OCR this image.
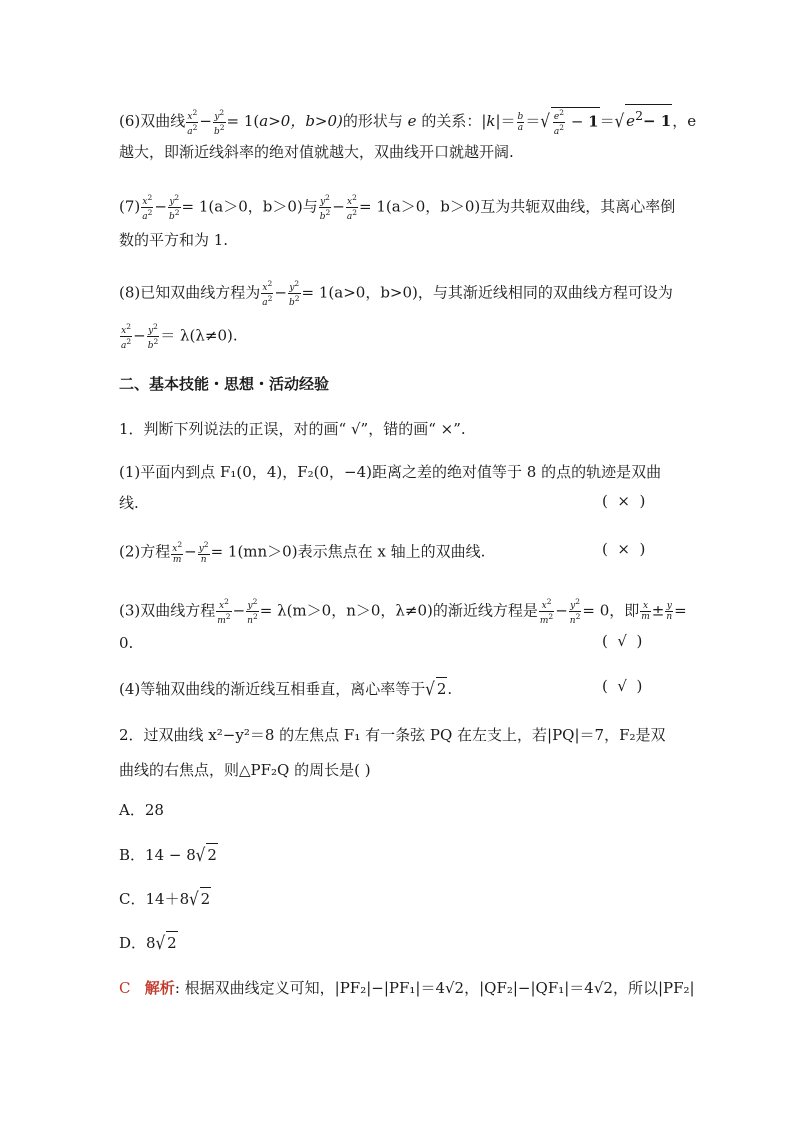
(6)双曲线 $\frac{x^2}{a^2} - \frac{y^2}{b^2} = 1(a>0$，b>0)的形状与 e 的关系：$|k|= \frac{b}{a}$ ＝√ $\frac{e^2}{a^2} - 1=√$ $e^2- 1$，e
越大，即渐近线斜率的绝对值就越大，双曲线开口就越开阔.
$(7) \frac{x^2}{a^2} - \frac{y^2}{b^2} = 1(a>0$，b＞0)与 $\frac{y^2}{b^2} - \frac{x^2}{a^2} = 1(a>0$，b＞0)互为共轭双曲线，其离心率倒
数的平方和为 1.
(8)已知双曲线方程为 $\frac{x^2}{a^2} - \frac{y^2}{b^2} = 1(a>0$，b>0)，与其渐近线相同的双曲线方程可设为
$\frac{x^2}{a^2} - \frac{y^2}{b^2} = \lambda(\lambda\ne 0)$.
二、基本技能・思想・活动经验
1．判断下列说法的正误，对的画“ √”，错的画“ ×”.
(1)平面内到点 F₁(0，4)，F₂(0，−4)距离之差的绝对值等于 8 的点的轨迹是双曲
线.	(  ×  )
(2)方程 $\frac{x^2}{m} - \frac{y^2}{n} = 1(mn>0)$表示焦点在 x 轴上的双曲线.	(  ×  )
(3)双曲线方程 $\frac{x^2}{m^2} - \frac{y^2}{n^2} = \lambda(m>0$，n＞0，λ≠0)的渐近线方程是 $\frac{x^2}{m^2} - \frac{y^2}{n^2} = 0$，即 $\frac{x}{m} \pm \frac{y}{n}$ =
0.	(  √  )
(4)等轴双曲线的渐近线互相垂直，离心率等于√ 2.	(  √  )
2．过双曲线 x²−y²＝8 的左焦点 F₁ 有一条弦 PQ 在左支上，若|PQ|＝7，F₂是双
曲线的右焦点，则△PF₂Q 的周长是( )
A．28
B．14 − 8√ 2
C．14＋8√ 2
D．8√ 2
C 解析: 根据双曲线定义可知，|PF₂|−|PF₁|＝4√2，|QF₂|−|QF₁|＝4√2，所以|PF₂|
